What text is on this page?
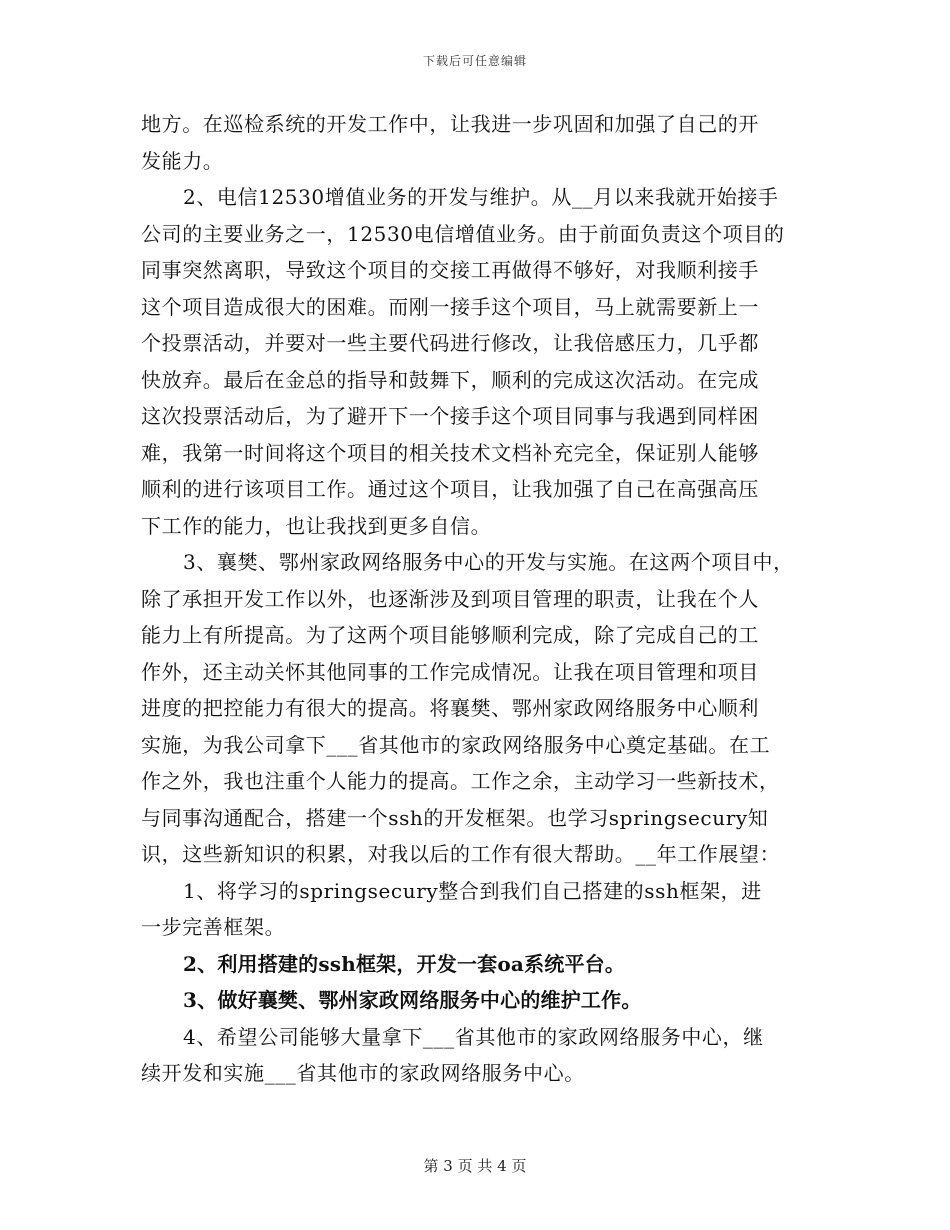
下载后可任意编辑
地方。在巡检系统的开发工作中，让我进一步巩固和加强了自己的开
发能力。
2、电信12530增值业务的开发与维护。从__月以来我就开始接手
公司的主要业务之一，12530电信增值业务。由于前面负责这个项目的
同事突然离职，导致这个项目的交接工再做得不够好，对我顺利接手
这个项目造成很大的困难。而刚一接手这个项目，马上就需要新上一
个投票活动，并要对一些主要代码进行修改，让我倍感压力，几乎都
快放弃。最后在金总的指导和鼓舞下，顺利的完成这次活动。在完成
这次投票活动后，为了避开下一个接手这个项目同事与我遇到同样困
难，我第一时间将这个项目的相关技术文档补充完全，保证别人能够
顺利的进行该项目工作。通过这个项目，让我加强了自己在高强高压
下工作的能力，也让我找到更多自信。
3、襄樊、鄂州家政网络服务中心的开发与实施。在这两个项目中，
除了承担开发工作以外，也逐渐涉及到项目管理的职责，让我在个人
能力上有所提高。为了这两个项目能够顺利完成，除了完成自己的工
作外，还主动关怀其他同事的工作完成情况。让我在项目管理和项目
进度的把控能力有很大的提高。将襄樊、鄂州家政网络服务中心顺利
实施，为我公司拿下___省其他市的家政网络服务中心奠定基础。在工
作之外，我也注重个人能力的提高。工作之余，主动学习一些新技术，
与同事沟通配合，搭建一个ssh的开发框架。也学习springsecury知
识，这些新知识的积累，对我以后的工作有很大帮助。__年工作展望：
1、将学习的springsecury整合到我们自己搭建的ssh框架，进
一步完善框架。
2、利用搭建的ssh框架，开发一套oa系统平台。
3、做好襄樊、鄂州家政网络服务中心的维护工作。
4、希望公司能够大量拿下___省其他市的家政网络服务中心，继
续开发和实施___省其他市的家政网络服务中心。
第 3 页 共 4 页
